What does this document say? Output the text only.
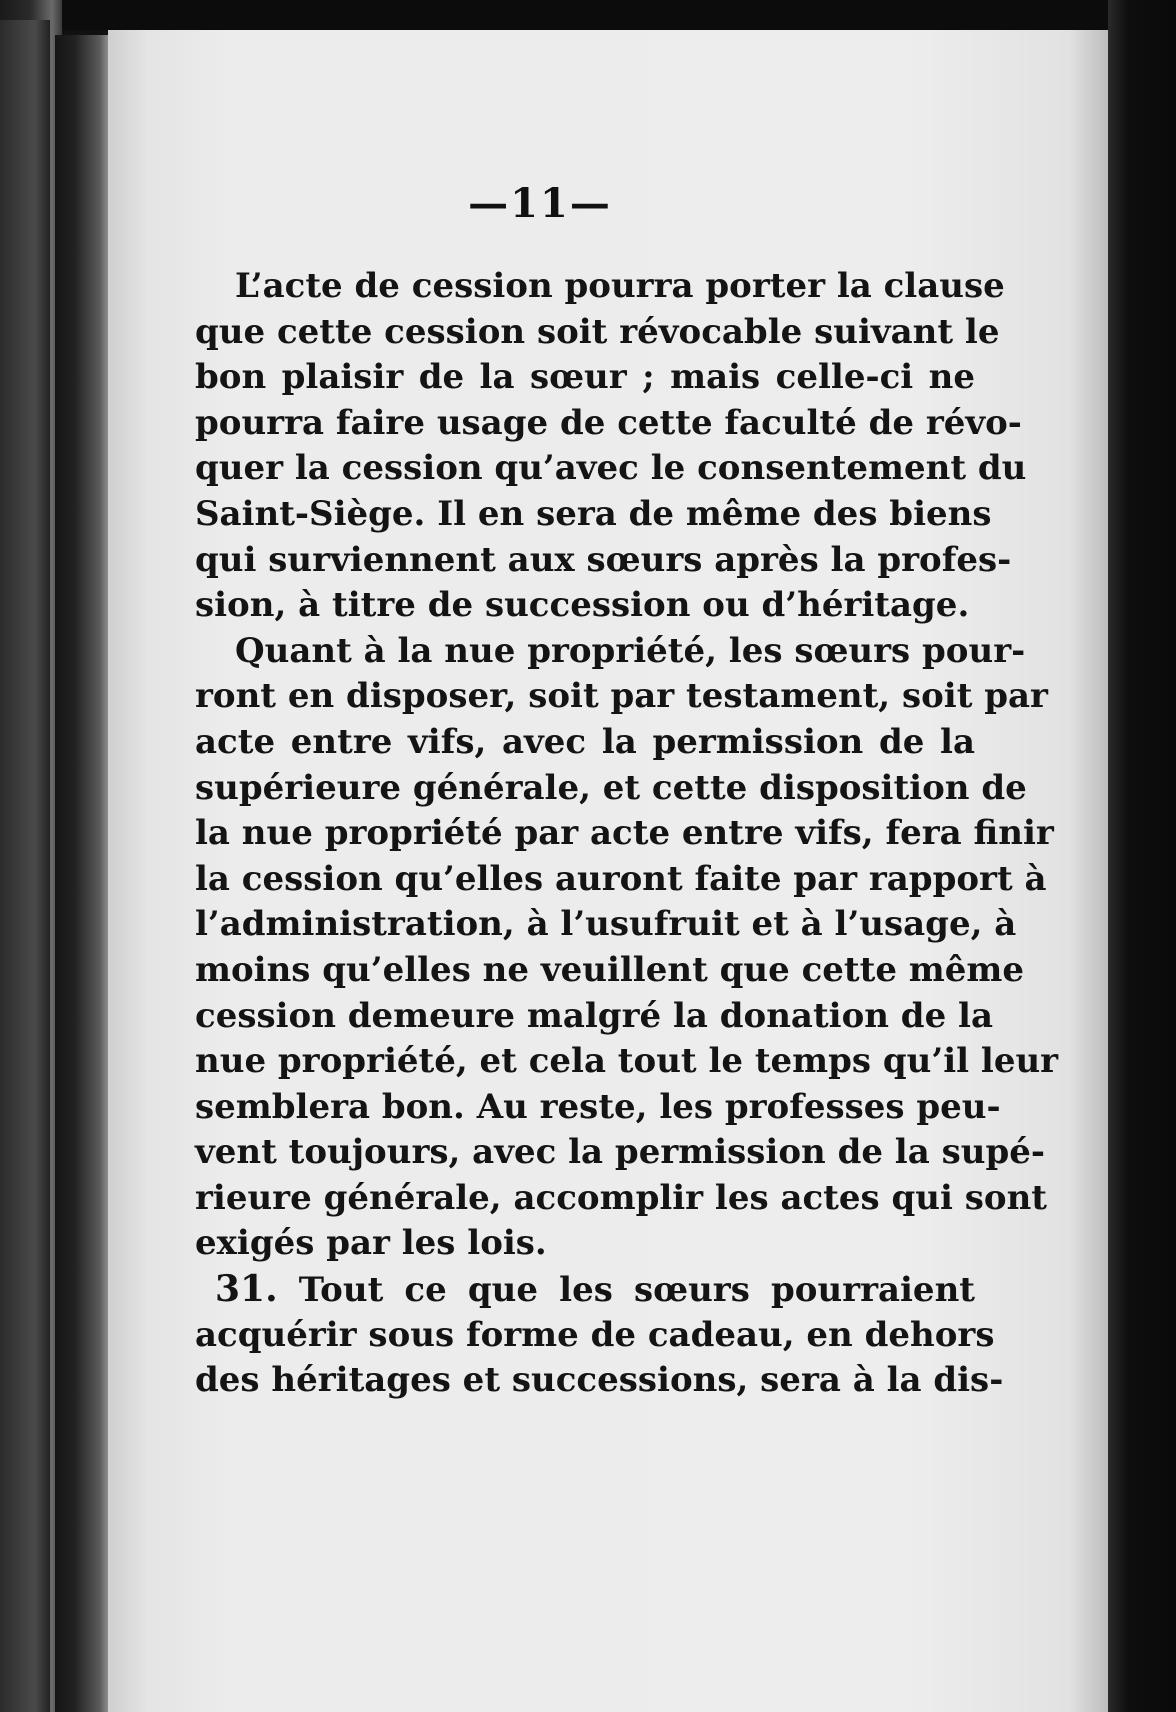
—11—
L’acte de cession pourra porter la clause
que cette cession soit révocable suivant le
bon plaisir de la sœur ; mais celle-ci ne
pourra faire usage de cette faculté de révo-
quer la cession qu’avec le consentement du
Saint-Siège. Il en sera de même des biens
qui surviennent aux sœurs après la profes-
sion, à titre de succession ou d’héritage.
Quant à la nue propriété, les sœurs pour-
ront en disposer, soit par testament, soit par
acte entre vifs, avec la permission de la
supérieure générale, et cette disposition de
la nue propriété par acte entre vifs, fera finir
la cession qu’elles auront faite par rapport à
l’administration, à l’usufruit et à l’usage, à
moins qu’elles ne veuillent que cette même
cession demeure malgré la donation de la
nue propriété, et cela tout le temps qu’il leur
semblera bon. Au reste, les professes peu-
vent toujours, avec la permission de la supé-
rieure générale, accomplir les actes qui sont
exigés par les lois.
31. Tout ce que les sœurs pourraient
acquérir sous forme de cadeau, en dehors
des héritages et successions, sera à la dis-
